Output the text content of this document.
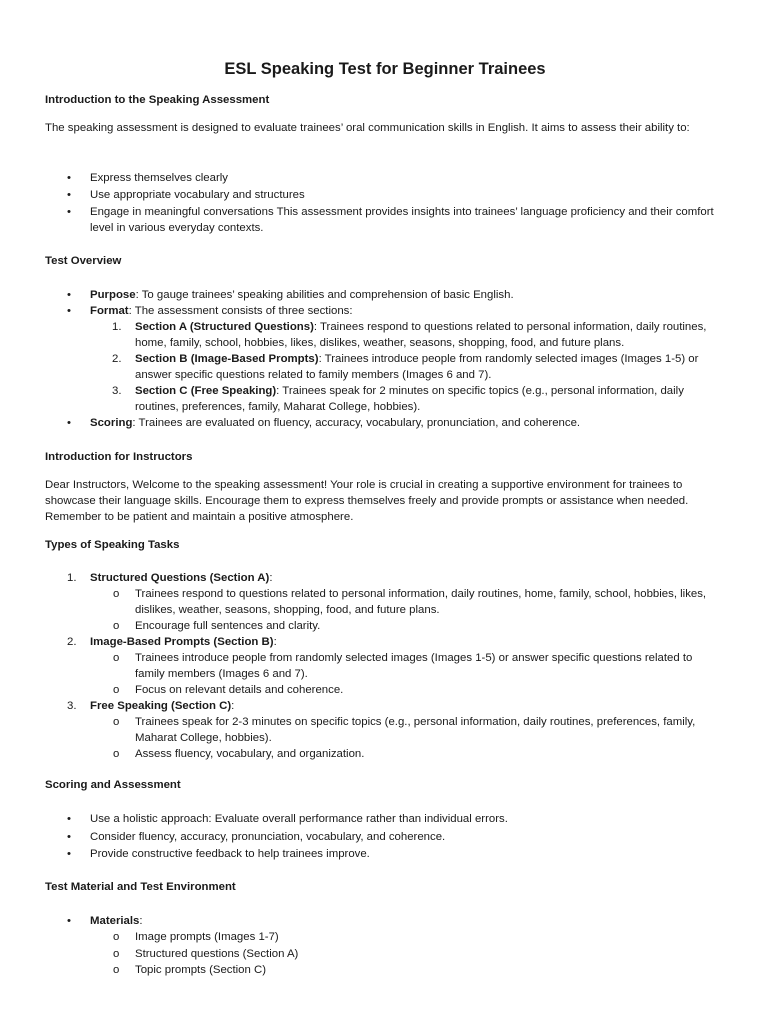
ESL Speaking Test for Beginner Trainees

Introduction to the Speaking Assessment

The speaking assessment is designed to evaluate trainees’ oral communication skills in English. It aims to assess their ability to:

•	Express themselves clearly
•	Use appropriate vocabulary and structures
•	Engage in meaningful conversations This assessment provides insights into trainees’ language proficiency and their comfort level in various everyday contexts.

Test Overview

•	Purpose: To gauge trainees’ speaking abilities and comprehension of basic English.
•	Format: The assessment consists of three sections:
1. Section A (Structured Questions): Trainees respond to questions related to personal information, daily routines, home, family, school, hobbies, likes, dislikes, weather, seasons, shopping, food, and future plans.
2. Section B (Image-Based Prompts): Trainees introduce people from randomly selected images (Images 1-5) or answer specific questions related to family members (Images 6 and 7).
3. Section C (Free Speaking): Trainees speak for 2 minutes on specific topics (e.g., personal information, daily routines, preferences, family, Maharat College, hobbies).
•	Scoring: Trainees are evaluated on fluency, accuracy, vocabulary, pronunciation, and coherence.

Introduction for Instructors

Dear Instructors, Welcome to the speaking assessment! Your role is crucial in creating a supportive environment for trainees to showcase their language skills. Encourage them to express themselves freely and provide prompts or assistance when needed. Remember to be patient and maintain a positive atmosphere.

Types of Speaking Tasks

1.	Structured Questions (Section A):
o Trainees respond to questions related to personal information, daily routines, home, family, school, hobbies, likes, dislikes, weather, seasons, shopping, food, and future plans.
o Encourage full sentences and clarity.
2.	Image-Based Prompts (Section B):
o Trainees introduce people from randomly selected images (Images 1-5) or answer specific questions related to family members (Images 6 and 7).
o Focus on relevant details and coherence.
3.	Free Speaking (Section C):
o Trainees speak for 2-3 minutes on specific topics (e.g., personal information, daily routines, preferences, family, Maharat College, hobbies).
o Assess fluency, vocabulary, and organization.

Scoring and Assessment

•	Use a holistic approach: Evaluate overall performance rather than individual errors.
•	Consider fluency, accuracy, pronunciation, vocabulary, and coherence.
•	Provide constructive feedback to help trainees improve.

Test Material and Test Environment

•	Materials:
o Image prompts (Images 1-7)
o Structured questions (Section A)
o Topic prompts (Section C)
